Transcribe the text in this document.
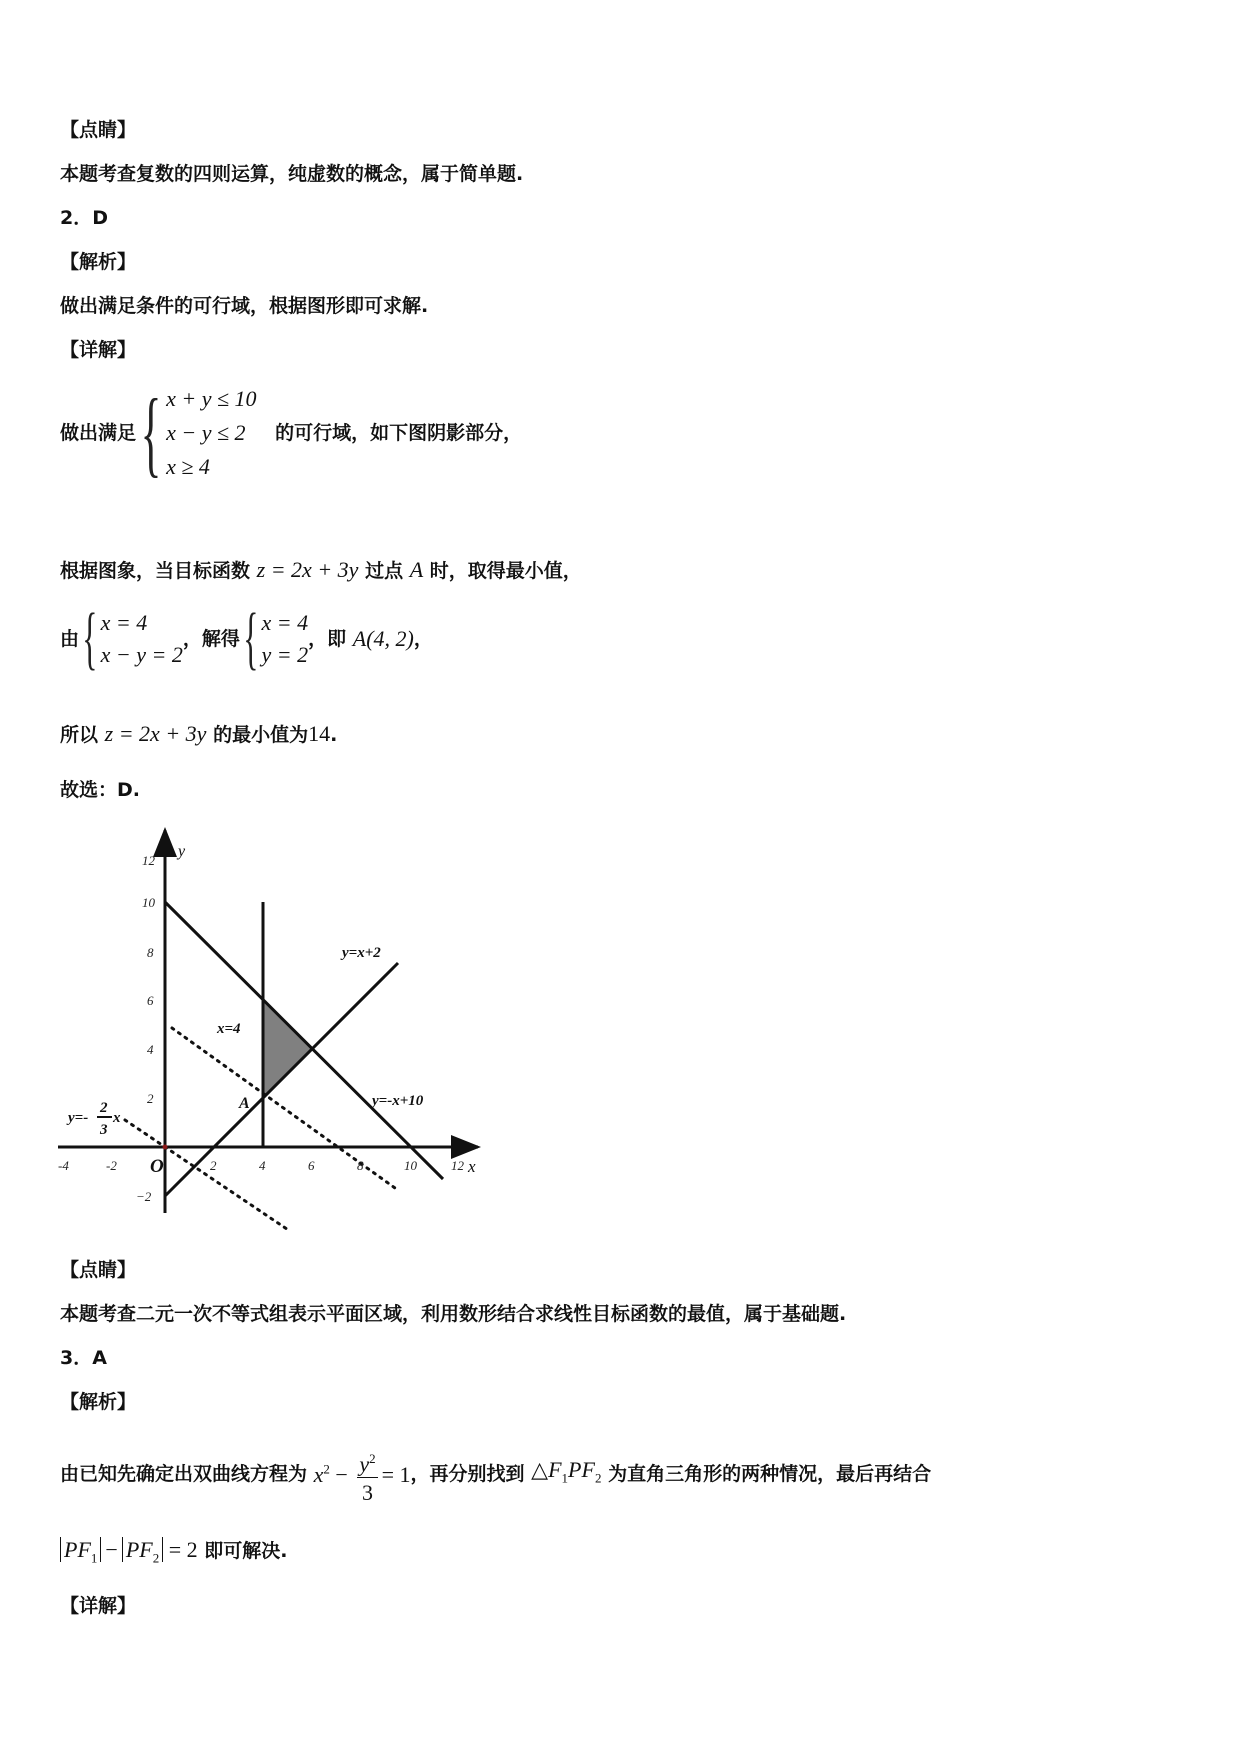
【点睛】
本题考查复数的四则运算，纯虚数的概念，属于简单题.
2．D
【解析】
做出满足条件的可行域，根据图形即可求解.
【详解】
做出满足 { x + y ≤ 10
x − y ≤ 2
x ≥ 4
的可行域，如下图阴影部分，
根据图象，当目标函数 z = 2x + 3y 过点 A 时，取得最小值，
由 { x = 4
x − y = 2
，解得 { x = 4
y = 2
，即 A(4, 2)，
所以 z = 2x + 3y 的最小值为14.
故选：D.
12
10
8
6
4
2
−2
y
-4	-2 O	2	4	6	8	10	12 x
y=x+2
y=-x+10
x=4
A
y=-
2
3
x
【点睛】
本题考查二元一次不等式组表示平面区域，利用数形结合求线性目标函数的最值，属于基础题.
3．A
【解析】
由已知先确定出双曲线方程为 $x^2 - \frac{y^2}{3} = 1$，再分别找到 $\triangle F_1PF_2$ 为直角三角形的两种情况，最后再结合
$PF_1 - PF_2 = 2$ 即可解决.
【详解】
